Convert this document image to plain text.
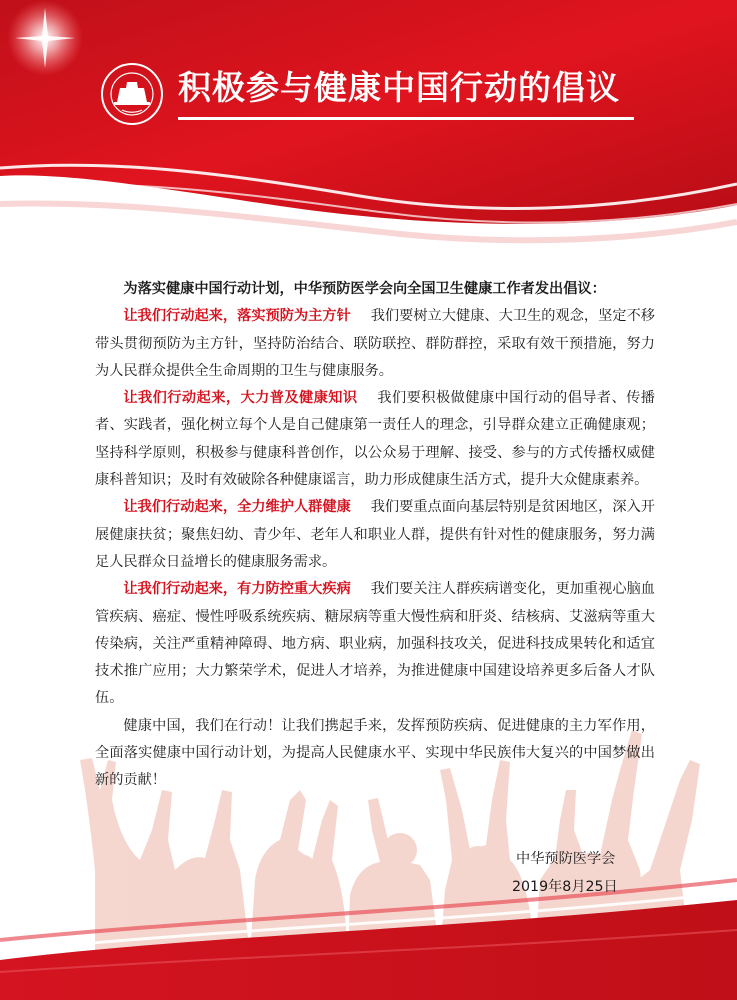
积极参与健康中国行动的倡议

为落实健康中国行动计划，中华预防医学会向全国卫生健康工作者发出倡议：

让我们行动起来，落实预防为主方针 我们要树立大健康、大卫生的观念，坚定不移带头贯彻预防为主方针，坚持防治结合、联防联控、群防群控，采取有效干预措施，努力为人民群众提供全生命周期的卫生与健康服务。

让我们行动起来，大力普及健康知识 我们要积极做健康中国行动的倡导者、传播者、实践者，强化树立每个人是自己健康第一责任人的理念，引导群众建立正确健康观；坚持科学原则，积极参与健康科普创作，以公众易于理解、接受、参与的方式传播权威健康科普知识；及时有效破除各种健康谣言，助力形成健康生活方式，提升大众健康素养。

让我们行动起来，全力维护人群健康 我们要重点面向基层特别是贫困地区，深入开展健康扶贫；聚焦妇幼、青少年、老年人和职业人群，提供有针对性的健康服务，努力满足人民群众日益增长的健康服务需求。

让我们行动起来，有力防控重大疾病 我们要关注人群疾病谱变化，更加重视心脑血管疾病、癌症、慢性呼吸系统疾病、糖尿病等重大慢性病和肝炎、结核病、艾滋病等重大传染病，关注严重精神障碍、地方病、职业病，加强科技攻关，促进科技成果转化和适宜技术推广应用；大力繁荣学术，促进人才培养，为推进健康中国建设培养更多后备人才队伍。

健康中国，我们在行动！让我们携起手来，发挥预防疾病、促进健康的主力军作用，全面落实健康中国行动计划，为提高人民健康水平、实现中华民族伟大复兴的中国梦做出新的贡献！

中华预防医学会
2019年8月25日
